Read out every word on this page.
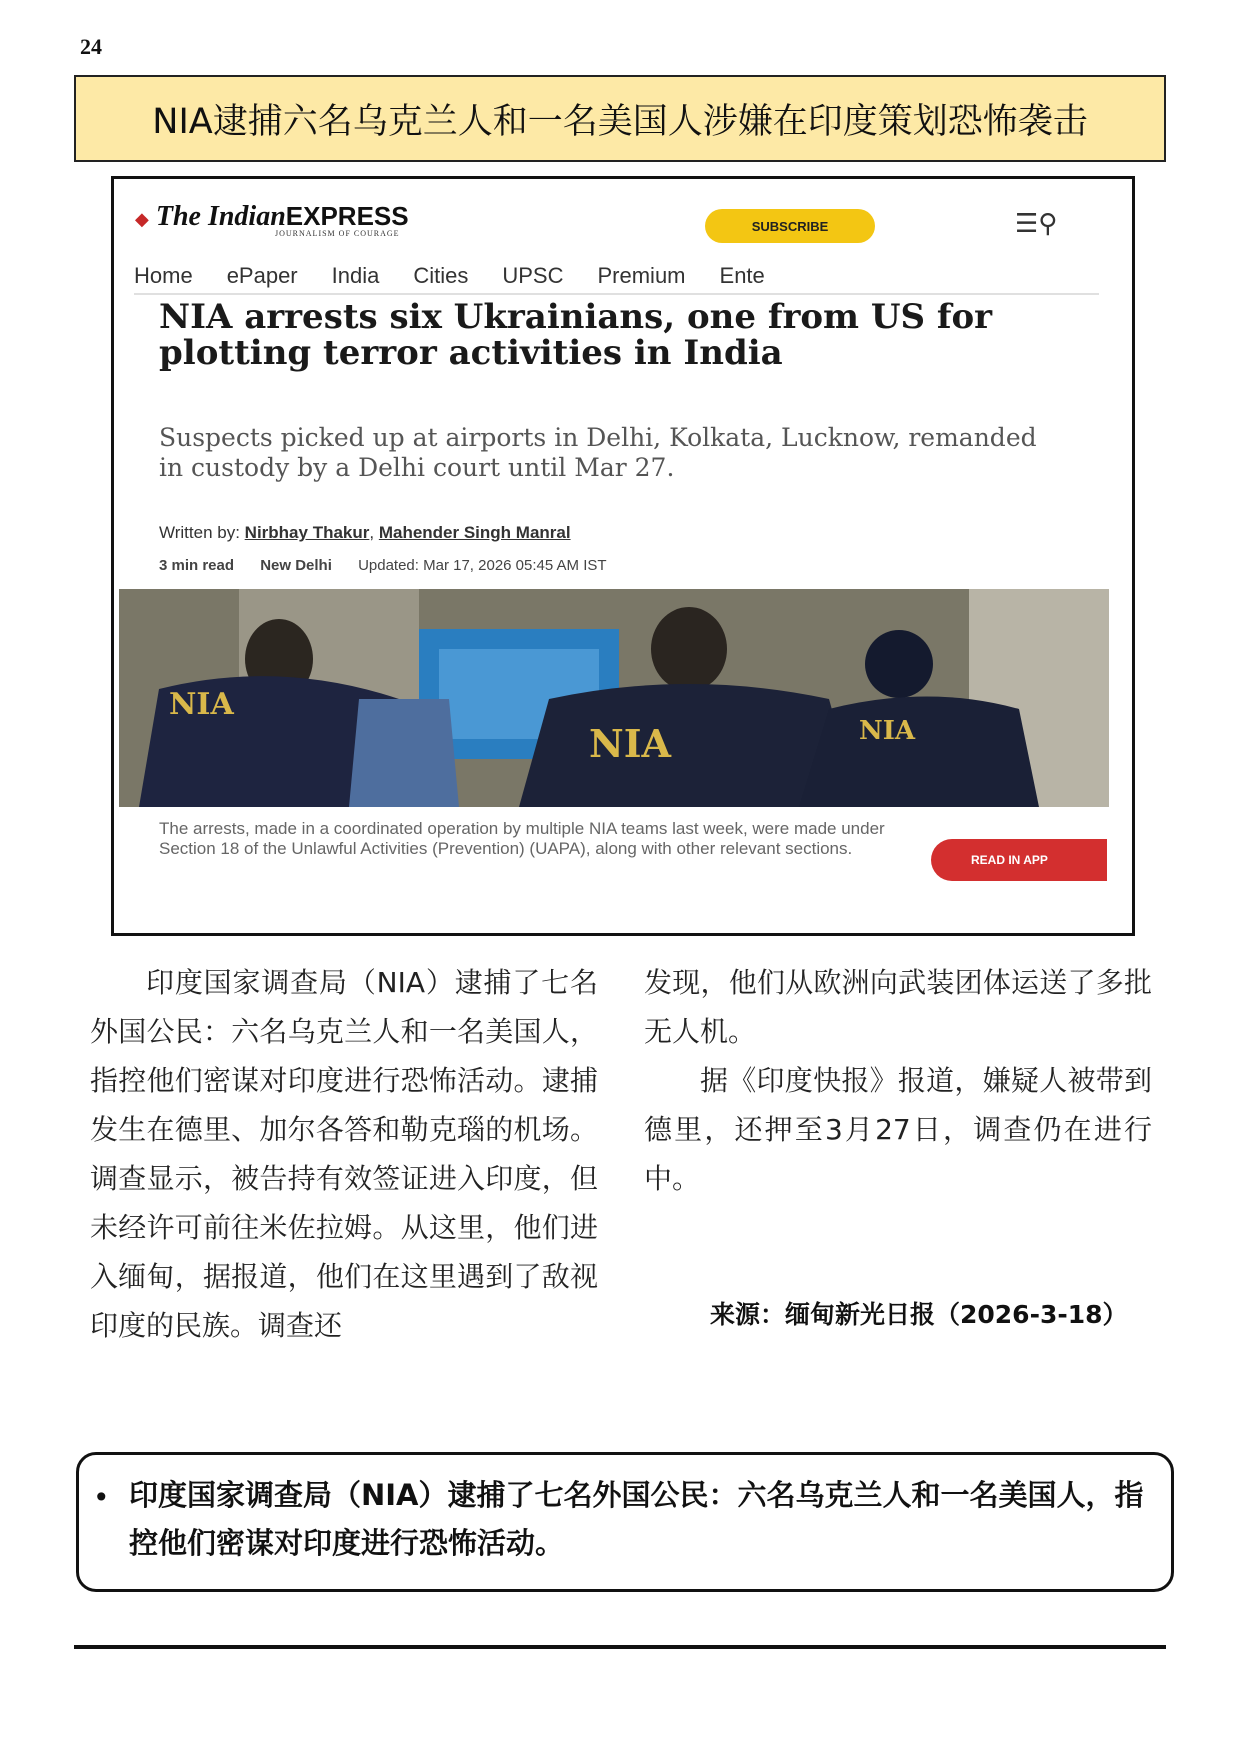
24
NIA逮捕六名乌克兰人和一名美国人涉嫌在印度策划恐怖袭击
◆ The IndianEXPRESS
JOURNALISM OF COURAGE	SUBSCRIBE	☰⚲
Home ePaper India Cities UPSC Premium Ente
NIA arrests six Ukrainians, one from US for plotting terror activities in India
Suspects picked up at airports in Delhi, Kolkata, Lucknow, remanded in custody by a Delhi court until Mar 27.
Written by: Nirbhay Thakur, Mahender Singh Manral
3 min read New Delhi Updated: Mar 17, 2026 05:45 AM IST
NIA
NIA	NIA
The arrests, made in a coordinated operation by multiple NIA teams last week, were made under Section 18 of the Unlawful Activities (Prevention) (UAPA), along with other relevant sections.
READ IN APP

印度国家调查局（NIA）逮捕了七名外国公民：六名乌克兰人和一名美国人，指控他们密谋对印度进行恐怖活动。逮捕发生在德里、加尔各答和勒克瑙的机场。调查显示，被告持有效签证进入印度，但未经许可前往米佐拉姆。从这里，他们进入缅甸，据报道，他们在这里遇到了敌视印度的民族。调查还

发现，他们从欧洲向武装团体运送了多批无人机。

据《印度快报》报道，嫌疑人被带到德里，还押至3月27日，调查仍在进行中。

来源：缅甸新光日报（2026-3-18）
• 印度国家调查局（NIA）逮捕了七名外国公民：六名乌克兰人和一名美国人，指控他们密谋对印度进行恐怖活动。
